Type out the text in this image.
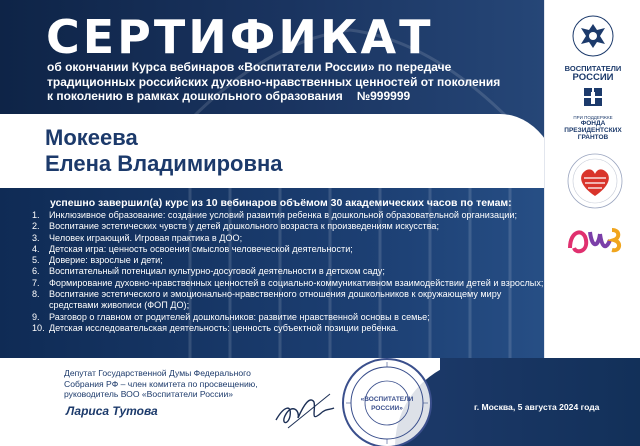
СЕРТИФИКАТ
об окончании Курса вебинаров «Воспитатели России» по передаче
традиционных российских духовно-нравственных ценностей от поколения
к поколению в рамках дошкольного образования №999999
Мокеева
Елена Владимировна
успешно завершил(а) курс из 10 вебинаров объёмом 30 академических часов по темам:
1.	Инклюзивное образование: создание условий развития ребенка в дошкольной образовательной организации;
2.	Воспитание эстетических чувств у детей дошкольного возраста к произведениям искусства;
3.	Человек играющий. Игровая практика в ДОО;
4.	Детская игра: ценность освоения смыслов человеческой деятельности;
5.	Доверие: взрослые и дети;
6.	Воспитательный потенциал культурно-досуговой деятельности в детском саду;
7.	Формирование духовно-нравственных ценностей в социально-коммуникативном взаимодействии детей и взрослых;
8.	Воспитание эстетического и эмоционально-нравственного отношения дошкольников к окружающему миру средствами живописи (ФОП ДО);
9.	Разговор о главном от родителей дошкольников: развитие нравственной основы в семье;
10. Детская исследовательская деятельность: ценность субъектной позиции ребенка.
ВОСПИТАТЕЛИ
РОССИИ
ПРИ ПОДДЕРЖКЕ
ФОНДА
ПРЕЗИДЕНТСКИХ
ГРАНТОВ
Депутат Государственной Думы Федерального
Собрания РФ – член комитета по просвещению,
руководитель ВОО «Воспитатели России»
Лариса Тутова
«ВОСПИТАТЕЛИ
РОССИИ»	г. Москва, 5 августа 2024 года
